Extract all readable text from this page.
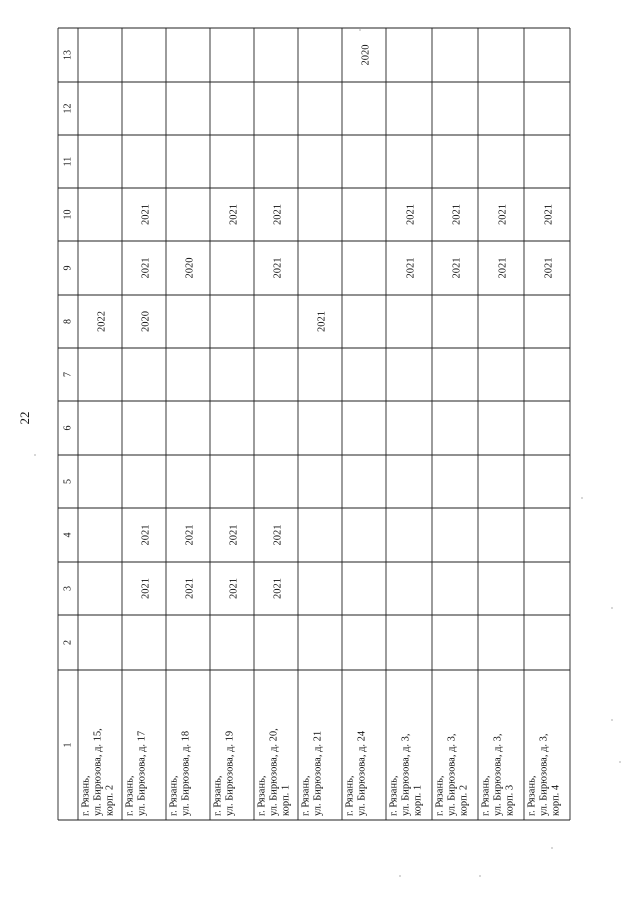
22
1
2
3
4
5
6
7
8
9
10
11
12
13
г. Рязань, ул. Бирюзова, д. 15, корп. 2
2022
г. Рязань, ул. Бирюзова, д. 17
2021
2021
2020
2021
2021
г. Рязань, ул. Бирюзова, д. 18
2021
2021
2020
г. Рязань, ул. Бирюзова, д. 19
2021
2021
2021
г. Рязань, ул. Бирюзова, д. 20, корп. 1
2021
2021
2021
2021
г. Рязань, ул. Бирюзова, д. 21
2021
г. Рязань, ул. Бирюзова, д. 24
2020
г. Рязань, ул. Бирюзова, д. 3, корп. 1
2021
2021
г. Рязань, ул. Бирюзова, д. 3, корп. 2
2021
2021
г. Рязань, ул. Бирюзова, д. 3, корп. 3
2021
2021
г. Рязань, ул. Бирюзова, д. 3, корп. 4
2021
2021
